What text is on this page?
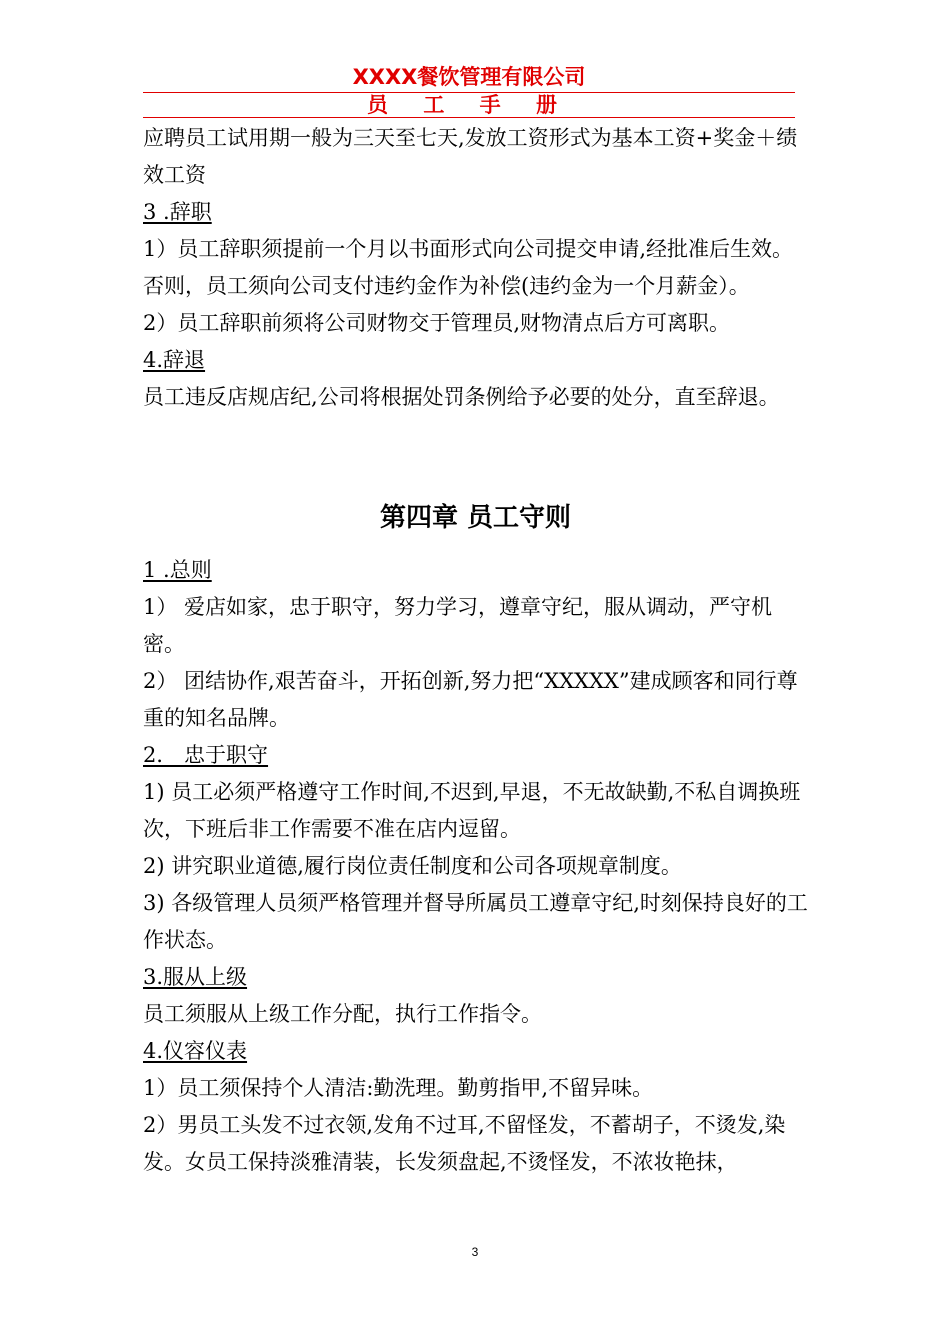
XXXX餐饮管理有限公司
员 工 手 册

应聘员工试用期一般为三天至七天,发放工资形式为基本工资+奖金＋绩效工资

3 .辞职

1）员工辞职须提前一个月以书面形式向公司提交申请,经批准后生效。否则，员工须向公司支付违约金作为补偿(违约金为一个月薪金）。

2）员工辞职前须将公司财物交于管理员,财物清点后方可离职。

4.辞退

员工违反店规店纪,公司将根据处罚条例给予必要的处分，直至辞退。

第四章 员工守则

1 .总则

1） 爱店如家，忠于职守，努力学习，遵章守纪，服从调动，严守机密。

2） 团结协作,艰苦奋斗，开拓创新,努力把“XXXXX”建成顾客和同行尊重的知名品牌。

2． 忠于职守

1) 员工必须严格遵守工作时间,不迟到,早退，不无故缺勤,不私自调换班次，下班后非工作需要不准在店内逗留。

2) 讲究职业道德,履行岗位责任制度和公司各项规章制度。

3) 各级管理人员须严格管理并督导所属员工遵章守纪,时刻保持良好的工作状态。

3.服从上级

员工须服从上级工作分配，执行工作指令。

4.仪容仪表

1）员工须保持个人清洁:勤洗理。勤剪指甲,不留异味。

2）男员工头发不过衣领,发角不过耳,不留怪发，不蓄胡子，不烫发,染发。女员工保持淡雅清装，长发须盘起,不烫怪发，不浓妆艳抹，

3
